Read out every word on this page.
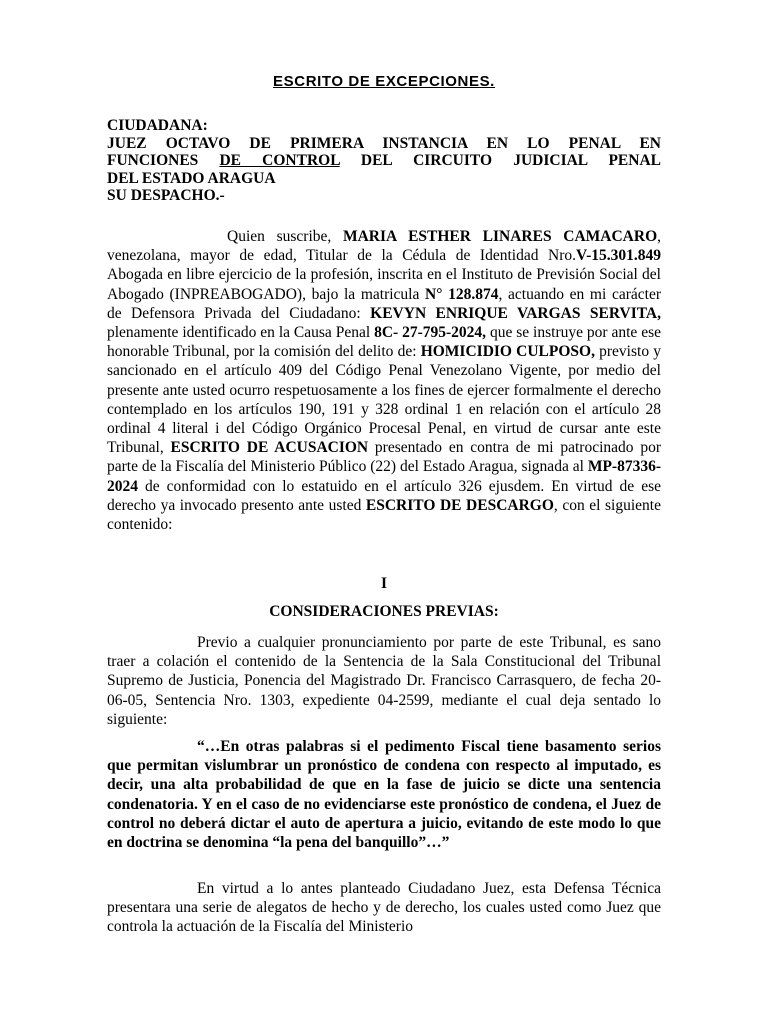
ESCRITO DE EXCEPCIONES.
CIUDADANA:
JUEZ OCTAVO DE PRIMERA INSTANCIA EN LO PENAL EN
FUNCIONES DE CONTROL DEL CIRCUITO JUDICIAL PENAL
DEL ESTADO ARAGUA
SU DESPACHO.-

Quien suscribe, MARIA ESTHER LINARES CAMACARO, venezolana, mayor de edad, Titular de la Cédula de Identidad Nro.V-15.301.849 Abogada en libre ejercicio de la profesión, inscrita en el Instituto de Previsión Social del Abogado (INPREABOGADO), bajo la matricula N° 128.874, actuando en mi carácter de Defensora Privada del Ciudadano: KEVYN ENRIQUE VARGAS SERVITA, plenamente identificado en la Causa Penal 8C- 27-795-2024, que se instruye por ante ese honorable Tribunal, por la comisión del delito de: HOMICIDIO CULPOSO, previsto y sancionado en el artículo 409 del Código Penal Venezolano Vigente, por medio del presente ante usted ocurro respetuosamente a los fines de ejercer formalmente el derecho contemplado en los artículos 190, 191 y 328 ordinal 1 en relación con el artículo 28 ordinal 4 literal i del Código Orgánico Procesal Penal, en virtud de cursar ante este Tribunal, ESCRITO DE ACUSACION presentado en contra de mi patrocinado por parte de la Fiscalía del Ministerio Público (22) del Estado Aragua, signada al MP-87336-2024 de conformidad con lo estatuido en el artículo 326 ejusdem. En virtud de ese derecho ya invocado presento ante usted ESCRITO DE DESCARGO, con el siguiente contenido:

I
CONSIDERACIONES PREVIAS:

Previo a cualquier pronunciamiento por parte de este Tribunal, es sano traer a colación el contenido de la Sentencia de la Sala Constitucional del Tribunal Supremo de Justicia, Ponencia del Magistrado Dr. Francisco Carrasquero, de fecha 20-06-05, Sentencia Nro. 1303, expediente 04-2599, mediante el cual deja sentado lo siguiente:

“…En otras palabras si el pedimento Fiscal tiene basamento serios que permitan vislumbrar un pronóstico de condena con respecto al imputado, es decir, una alta probabilidad de que en la fase de juicio se dicte una sentencia condenatoria. Y en el caso de no evidenciarse este pronóstico de condena, el Juez de control no deberá dictar el auto de apertura a juicio, evitando de este modo lo que en doctrina se denomina “la pena del banquillo”…”

En virtud a lo antes planteado Ciudadano Juez, esta Defensa Técnica presentara una serie de alegatos de hecho y de derecho, los cuales usted como Juez que controla la actuación de la Fiscalía del Ministerio
